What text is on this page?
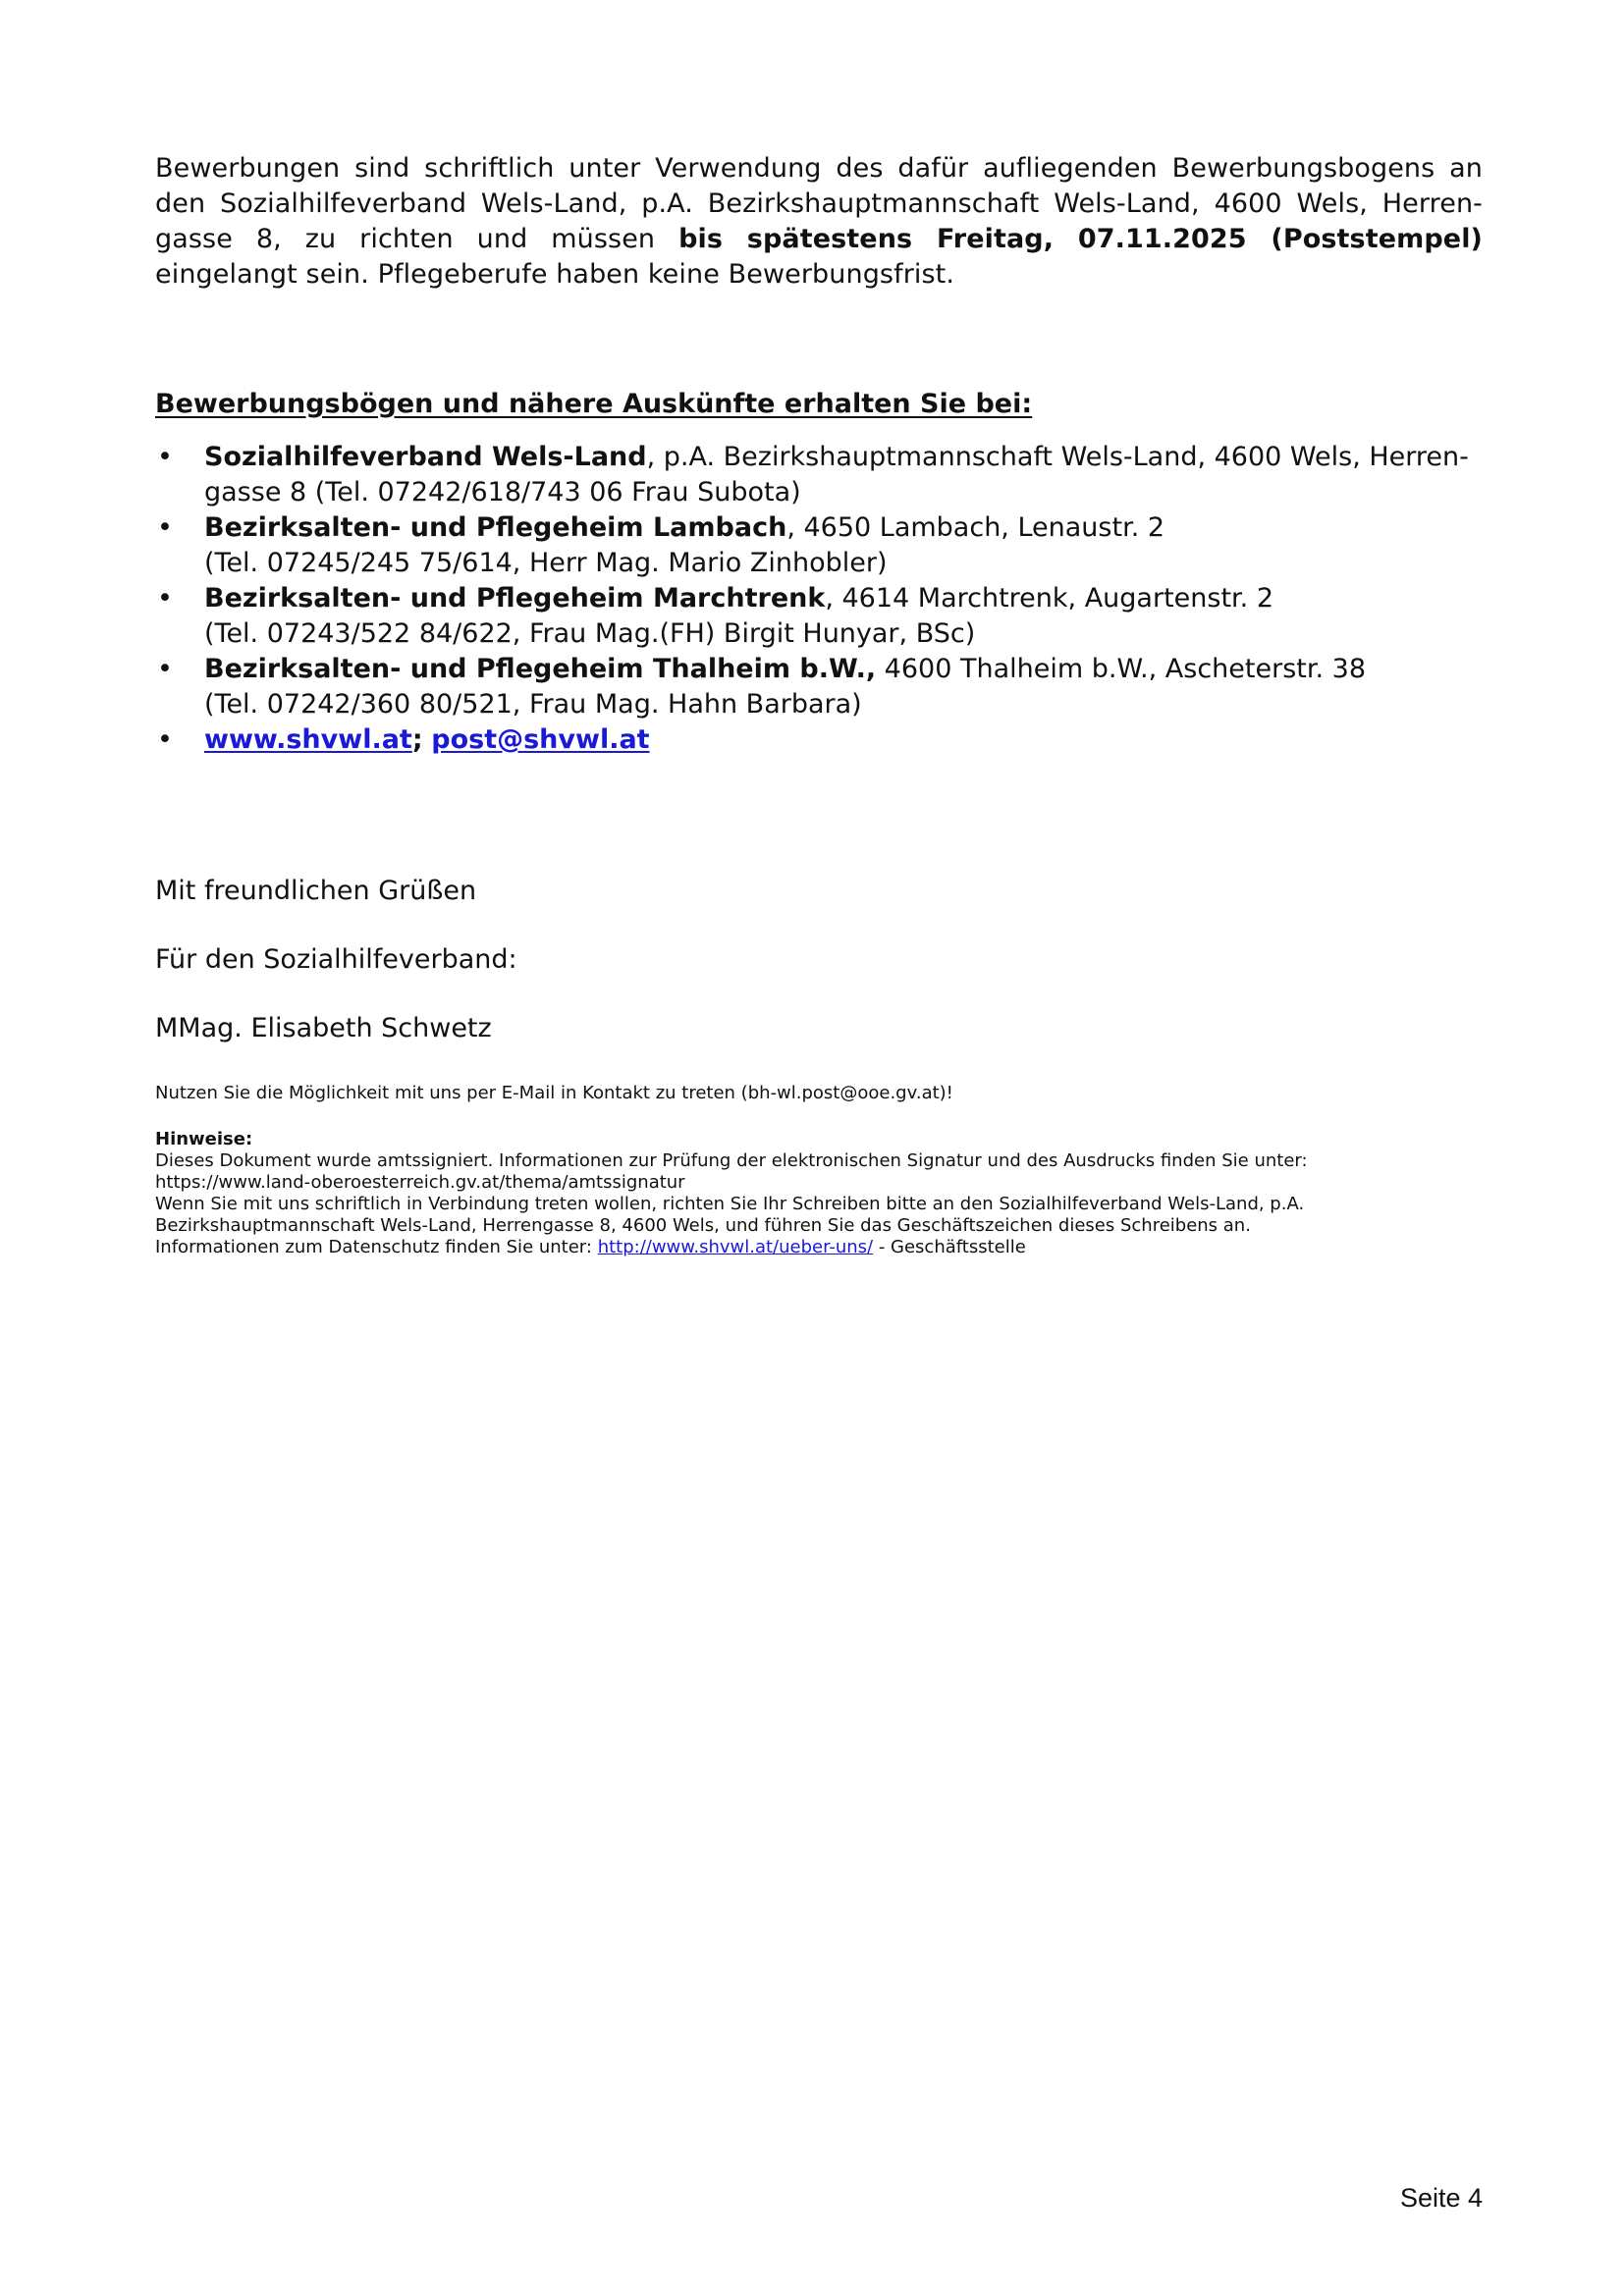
Bewerbungen sind schriftlich unter Verwendung des dafür aufliegenden Bewerbungsbogens an den Sozialhilfeverband Wels-Land, p.A. Bezirkshauptmannschaft Wels-Land, 4600 Wels, Herren-gasse 8, zu richten und müssen bis spätestens Freitag, 07.11.2025 (Poststempel) eingelangt sein. Pflegeberufe haben keine Bewerbungsfrist.

Bewerbungsbögen und nähere Auskünfte erhalten Sie bei:
• Sozialhilfeverband Wels-Land, p.A. Bezirkshauptmannschaft Wels-Land, 4600 Wels, Herren-
gasse 8 (Tel. 07242/618/743 06 Frau Subota)
• Bezirksalten- und Pflegeheim Lambach, 4650 Lambach, Lenaustr. 2
(Tel. 07245/245 75/614, Herr Mag. Mario Zinhobler)
• Bezirksalten- und Pflegeheim Marchtrenk, 4614 Marchtrenk, Augartenstr. 2
(Tel. 07243/522 84/622, Frau Mag.(FH) Birgit Hunyar, BSc)
• Bezirksalten- und Pflegeheim Thalheim b.W., 4600 Thalheim b.W., Ascheterstr. 38
(Tel. 07242/360 80/521, Frau Mag. Hahn Barbara)
• www.shvwl.at; post@shvwl.at

Mit freundlichen Grüßen

Für den Sozialhilfeverband:

MMag. Elisabeth Schwetz

Nutzen Sie die Möglichkeit mit uns per E-Mail in Kontakt zu treten (bh-wl.post@ooe.gv.at)!
Hinweise:
Dieses Dokument wurde amtssigniert. Informationen zur Prüfung der elektronischen Signatur und des Ausdrucks finden Sie unter:
https://www.land-oberoesterreich.gv.at/thema/amtssignatur
Wenn Sie mit uns schriftlich in Verbindung treten wollen, richten Sie Ihr Schreiben bitte an den Sozialhilfeverband Wels-Land, p.A.
Bezirkshauptmannschaft Wels-Land, Herrengasse 8, 4600 Wels, und führen Sie das Geschäftszeichen dieses Schreibens an.
Informationen zum Datenschutz finden Sie unter: http://www.shvwl.at/ueber-uns/ - Geschäftsstelle
Seite 4
